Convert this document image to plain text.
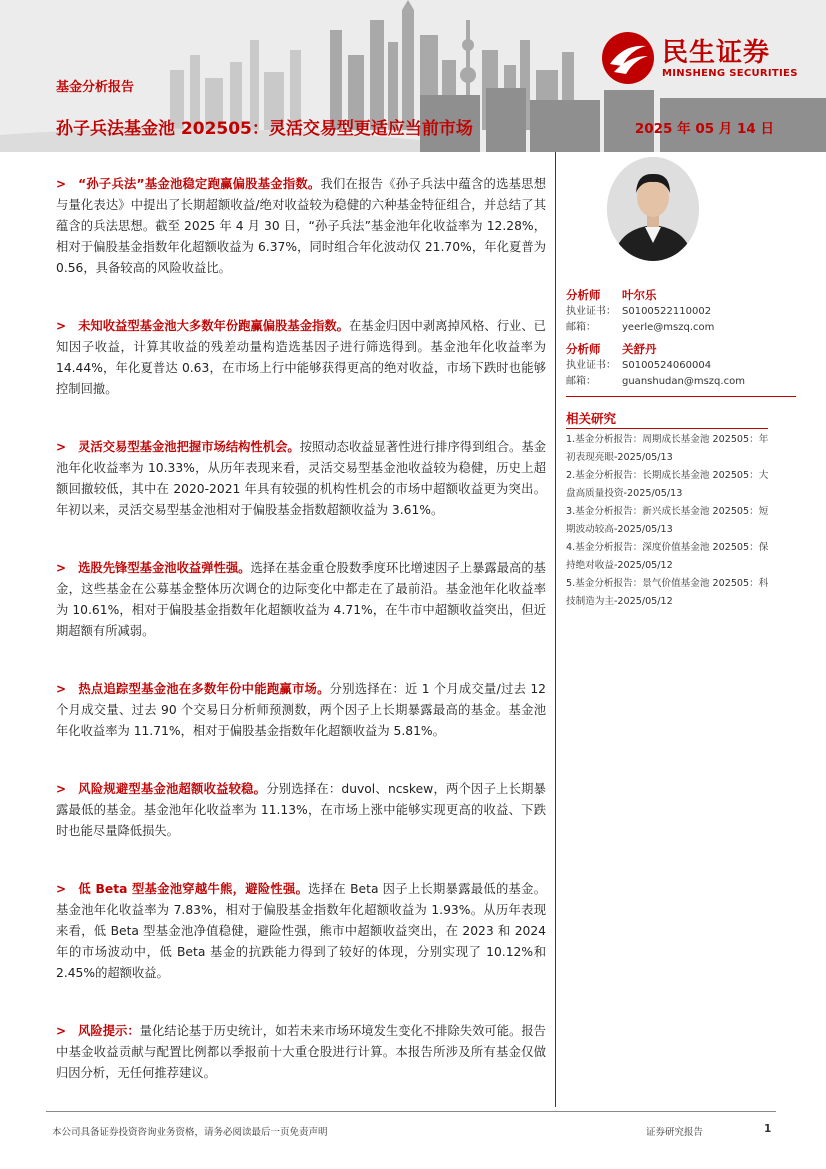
民生证券
MINSHENG SECURITIES
基金分析报告
孙子兵法基金池 202505：灵活交易型更适应当前市场	2025 年 05 月 14 日

> “孙子兵法”基金池稳定跑赢偏股基金指数。我们在报告《孙子兵法中蕴含的选基思想与量化表达》中提出了长期超额收益/绝对收益较为稳健的六种基金特征组合，并总结了其蕴含的兵法思想。截至 2025 年 4 月 30 日，“孙子兵法”基金池年化收益率为 12.28%，相对于偏股基金指数年化超额收益为 6.37%，同时组合年化波动仅 21.70%，年化夏普为 0.56，具备较高的风险收益比。

> 未知收益型基金池大多数年份跑赢偏股基金指数。在基金归因中剥离掉风格、行业、已知因子收益，计算其收益的残差动量构造选基因子进行筛选得到。基金池年化收益率为 14.44%，年化夏普达 0.63，在市场上行中能够获得更高的绝对收益，市场下跌时也能够控制回撤。

> 灵活交易型基金池把握市场结构性机会。按照动态收益显著性进行排序得到组合。基金池年化收益率为 10.33%，从历年表现来看，灵活交易型基金池收益较为稳健，历史上超额回撤较低，其中在 2020-2021 年具有较强的机构性机会的市场中超额收益更为突出。年初以来，灵活交易型基金池相对于偏股基金指数超额收益为 3.61%。

> 选股先锋型基金池收益弹性强。选择在基金重仓股数季度环比增速因子上暴露最高的基金，这些基金在公募基金整体历次调仓的边际变化中都走在了最前沿。基金池年化收益率为 10.61%，相对于偏股基金指数年化超额收益为 4.71%，在牛市中超额收益突出，但近期超额有所减弱。

> 热点追踪型基金池在多数年份中能跑赢市场。分别选择在：近 1 个月成交量/过去 12 个月成交量、过去 90 个交易日分析师预测数，两个因子上长期暴露最高的基金。基金池年化收益率为 11.71%，相对于偏股基金指数年化超额收益为 5.81%。

> 风险规避型基金池超额收益较稳。分别选择在：duvol、ncskew，两个因子上长期暴露最低的基金。基金池年化收益率为 11.13%，在市场上涨中能够实现更高的收益、下跌时也能尽量降低损失。

> 低 Beta 型基金池穿越牛熊，避险性强。选择在 Beta 因子上长期暴露最低的基金。基金池年化收益率为 7.83%，相对于偏股基金指数年化超额收益为 1.93%。从历年表现来看，低 Beta 型基金池净值稳健，避险性强，熊市中超额收益突出，在 2023 和 2024 年的市场波动中，低 Beta 基金的抗跌能力得到了较好的体现，分别实现了 10.12%和 2.45%的超额收益。

> 风险提示：量化结论基于历史统计，如若未来市场环境发生变化不排除失效可能。报告中基金收益贡献与配置比例都以季报前十大重仓股进行计算。本报告所涉及所有基金仅做归因分析，无任何推荐建议。

分析师 叶尔乐
执业证书： S0100522110002
邮箱：	yeerle@mszq.com
分析师 关舒丹
执业证书： S0100524060004
邮箱：	guanshudan@mszq.com
相关研究
1.基金分析报告：周期成长基金池 202505：年初表现亮眼-2025/05/13
2.基金分析报告：长期成长基金池 202505：大盘高质量投资-2025/05/13
3.基金分析报告：新兴成长基金池 202505：短期波动较高-2025/05/13
4.基金分析报告：深度价值基金池 202505：保持绝对收益-2025/05/12
5.基金分析报告：景气价值基金池 202505：科技制造为主-2025/05/12
本公司具备证券投资咨询业务资格，请务必阅读最后一页免责声明	证券研究报告	1
